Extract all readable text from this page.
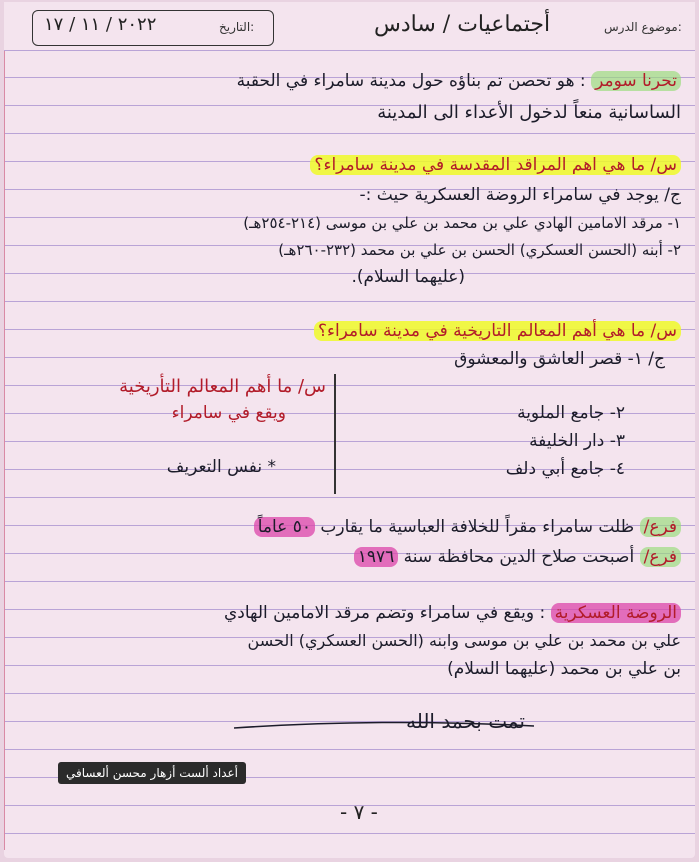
موضوع الدرس:
أجتماعيات / سادس
التاريخ:
٢٠٢٢ / ١١ / ١٧
تحرنا سومر : هو تحصن تم بناؤه حول مدينة سامراء في الحقبة
الساسانية منعاً لدخول الأعداء الى المدينة
س/ ما هي اهم المراقد المقدسة في مدينة سامراء؟
ج/ يوجد في سامراء الروضة العسكرية حيث :-
١- مرقد الامامين الهادي علي بن محمد بن علي بن موسى (٢١٤-٢٥٤هـ)
٢- أبنه (الحسن العسكري) الحسن بن علي بن محمد (٢٣٢-٢٦٠هـ)
(عليهما السلام).
س/ ما هي أهم المعالم التاريخية في مدينة سامراء؟
ج/ ١- قصر العاشق والمعشوق
٢- جامع الملوية
٣- دار الخليفة
٤- جامع أبي دلف
س/ ما أهم المعالم التأريخية
ويقع في سامراء
* نفس التعريف
فرع/ ظلت سامراء مقراً للخلافة العباسية ما يقارب ٥٠ عاماً
فرع/ أصبحت صلاح الدين محافظة سنة ١٩٧٦
الروضة العسكرية : ويقع في سامراء وتضم مرقد الامامين الهادي
علي بن محمد بن علي بن موسى وابنه (الحسن العسكري) الحسن
بن علي بن محمد (عليهما السلام)
تمت بحمد الله
أعداد ألست أزهار محسن ألعسافي
- ٧ -
